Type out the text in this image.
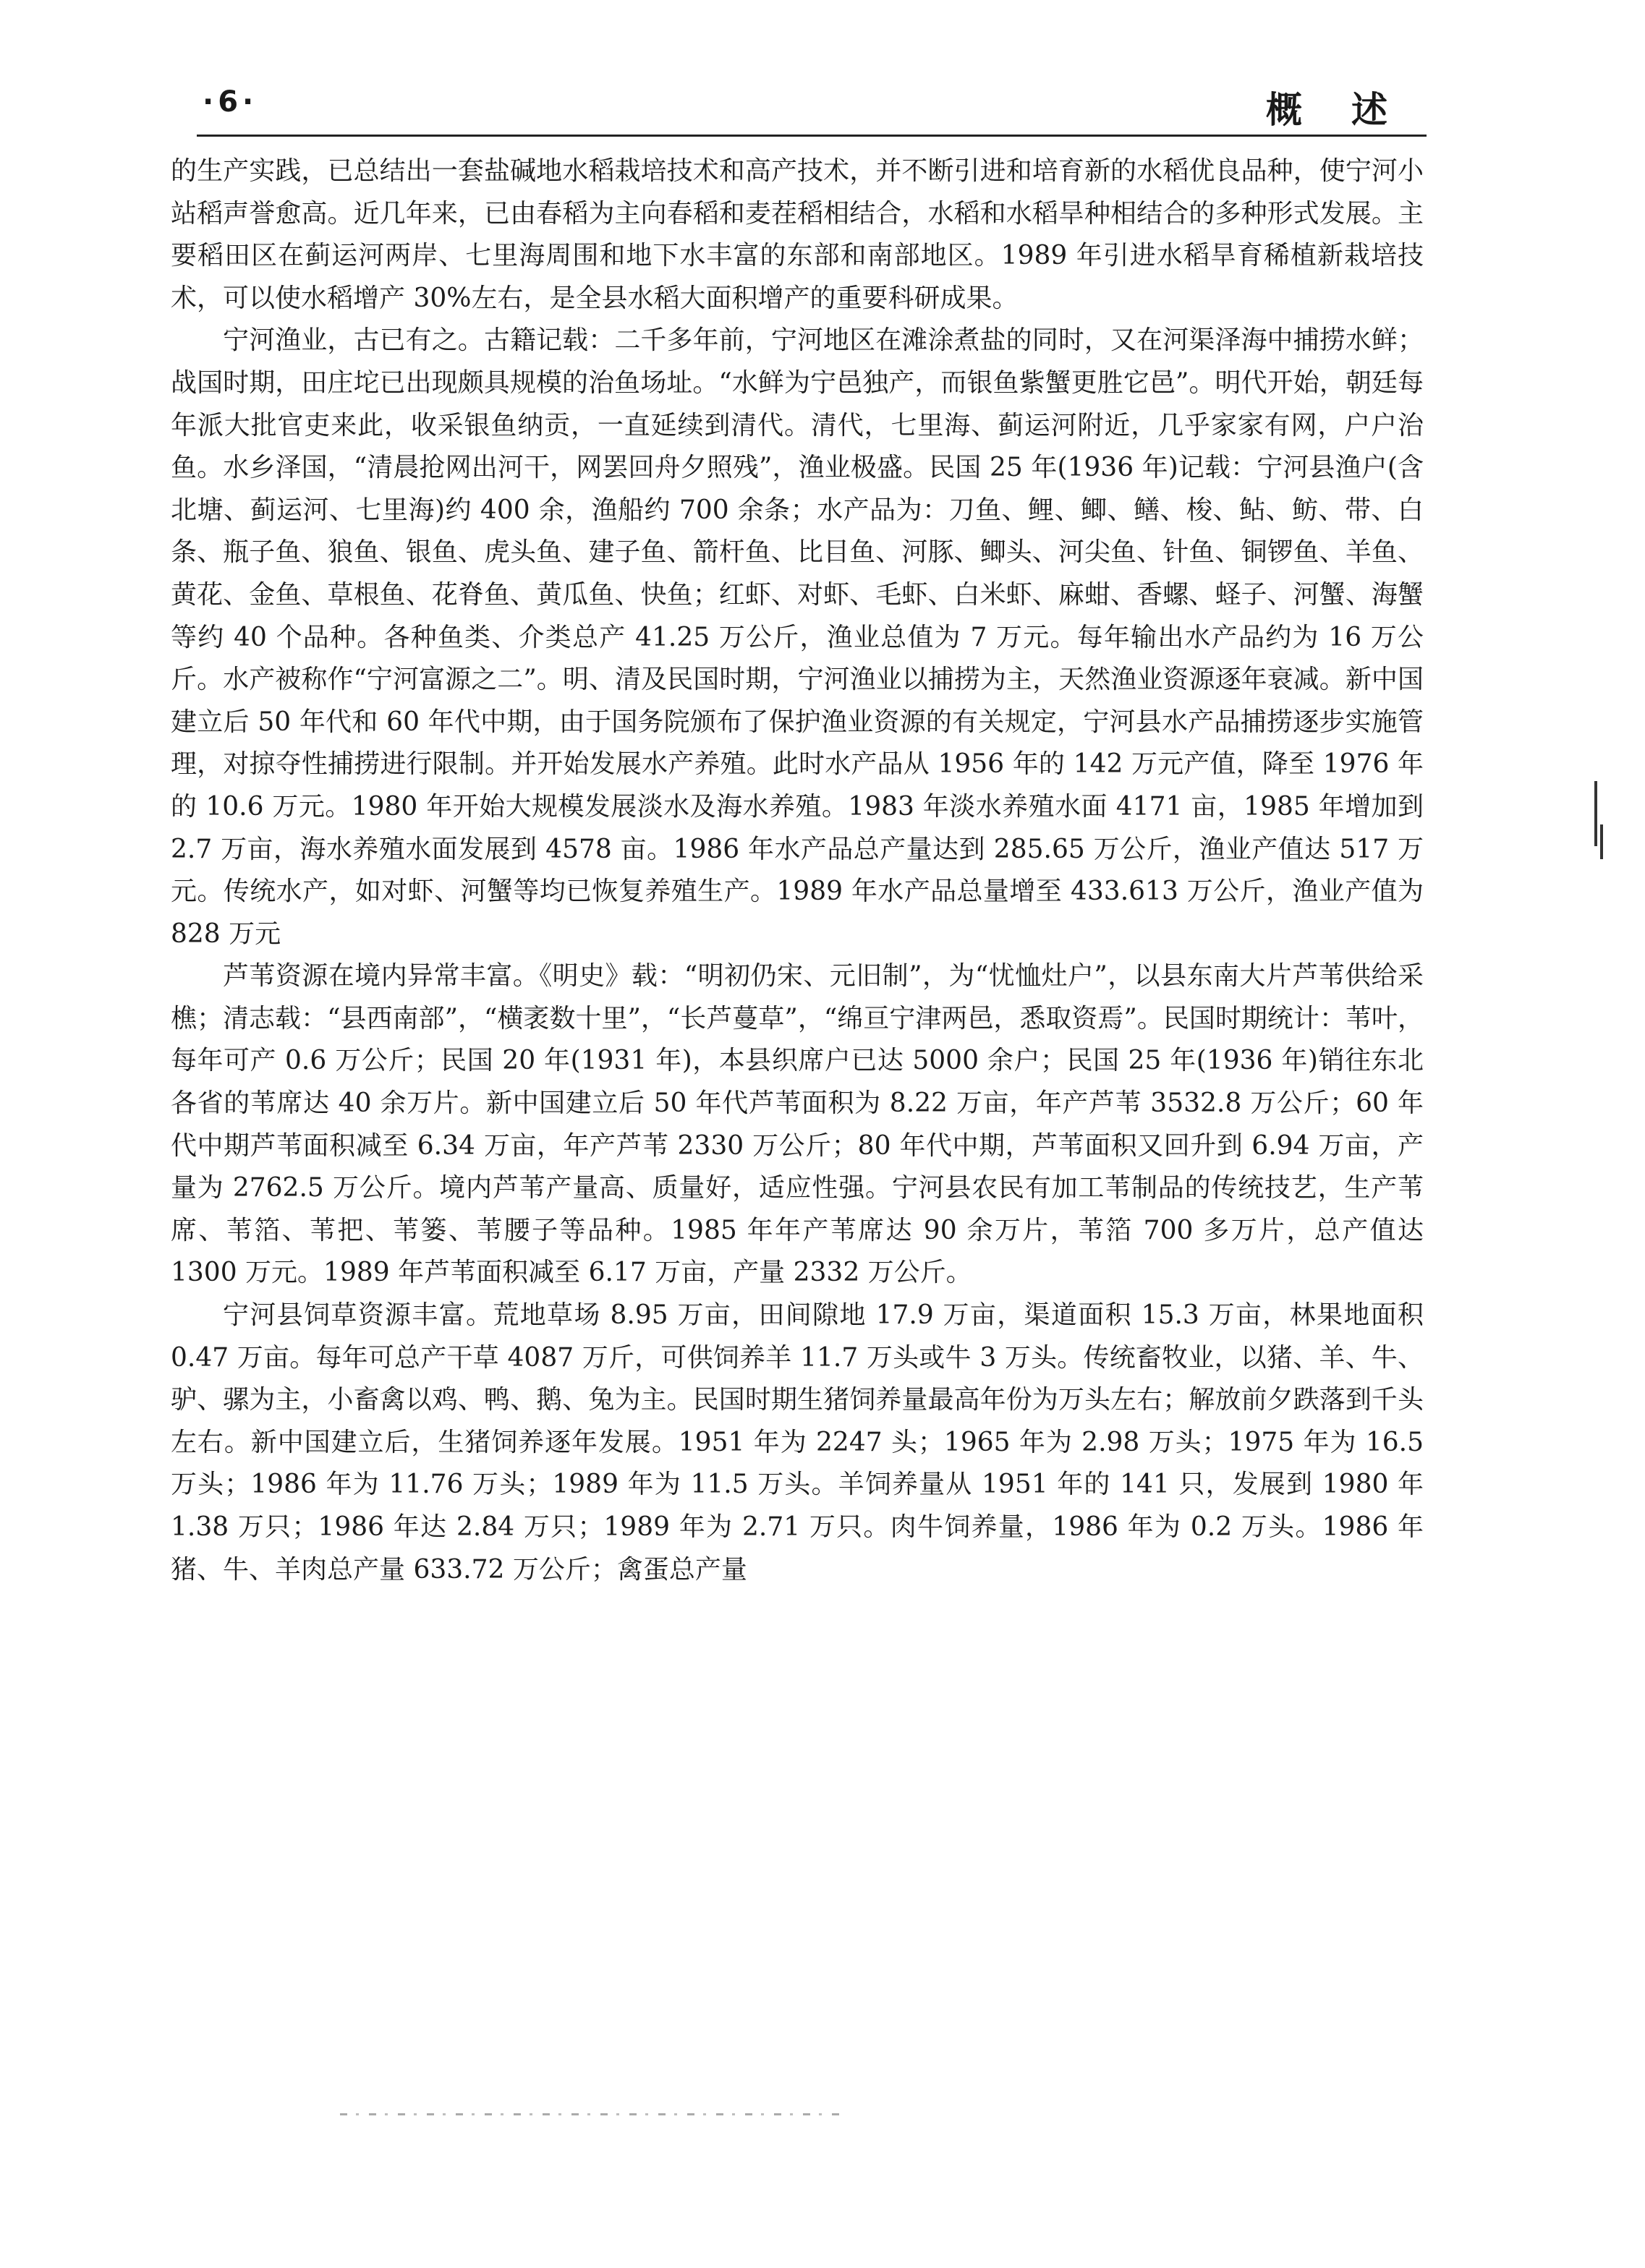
·6·	概述

的生产实践，已总结出一套盐碱地水稻栽培技术和高产技术，并不断引进和培育新的水稻优良品种，使宁河小站稻声誉愈高。近几年来，已由春稻为主向春稻和麦茬稻相结合，水稻和水稻旱种相结合的多种形式发展。主要稻田区在蓟运河两岸、七里海周围和地下水丰富的东部和南部地区。1989 年引进水稻旱育稀植新栽培技术，可以使水稻增产 30%左右，是全县水稻大面积增产的重要科研成果。

宁河渔业，古已有之。古籍记载：二千多年前，宁河地区在滩涂煮盐的同时，又在河渠泽海中捕捞水鲜；战国时期，田庄坨已出现颇具规模的治鱼场址。“水鲜为宁邑独产，而银鱼紫蟹更胜它邑”。明代开始，朝廷每年派大批官吏来此，收采银鱼纳贡，一直延续到清代。清代，七里海、蓟运河附近，几乎家家有网，户户治鱼。水乡泽国，“清晨抢网出河干，网罢回舟夕照残”，渔业极盛。民国 25 年(1936 年)记载：宁河县渔户(含北塘、蓟运河、七里海)约 400 余，渔船约 700 余条；水产品为：刀鱼、鲤、鲫、鳝、梭、鲇、鲂、带、白条、瓶子鱼、狼鱼、银鱼、虎头鱼、建子鱼、箭杆鱼、比目鱼、河豚、鲫头、河尖鱼、针鱼、铜锣鱼、羊鱼、黄花、金鱼、草根鱼、花脊鱼、黄瓜鱼、快鱼；红虾、对虾、毛虾、白米虾、麻蚶、香螺、蛏子、河蟹、海蟹等约 40 个品种。各种鱼类、介类总产 41.25 万公斤，渔业总值为 7 万元。每年输出水产品约为 16 万公斤。水产被称作“宁河富源之二”。明、清及民国时期，宁河渔业以捕捞为主，天然渔业资源逐年衰减。新中国建立后 50 年代和 60 年代中期，由于国务院颁布了保护渔业资源的有关规定，宁河县水产品捕捞逐步实施管理，对掠夺性捕捞进行限制。并开始发展水产养殖。此时水产品从 1956 年的 142 万元产值，降至 1976 年的 10.6 万元。1980 年开始大规模发展淡水及海水养殖。1983 年淡水养殖水面 4171 亩，1985 年增加到 2.7 万亩，海水养殖水面发展到 4578 亩。1986 年水产品总产量达到 285.65 万公斤，渔业产值达 517 万元。传统水产，如对虾、河蟹等均已恢复养殖生产。1989 年水产品总量增至 433.613 万公斤，渔业产值为 828 万元

芦苇资源在境内异常丰富。《明史》载：“明初仍宋、元旧制”，为“忧恤灶户”，以县东南大片芦苇供给采樵；清志载：“县西南部”，“横袤数十里”，“长芦蔓草”，“绵亘宁津两邑，悉取资焉”。民国时期统计：苇叶，每年可产 0.6 万公斤；民国 20 年(1931 年)，本县织席户已达 5000 余户；民国 25 年(1936 年)销往东北各省的苇席达 40 余万片。新中国建立后 50 年代芦苇面积为 8.22 万亩，年产芦苇 3532.8 万公斤；60 年代中期芦苇面积减至 6.34 万亩，年产芦苇 2330 万公斤；80 年代中期，芦苇面积又回升到 6.94 万亩，产量为 2762.5 万公斤。境内芦苇产量高、质量好，适应性强。宁河县农民有加工苇制品的传统技艺，生产苇席、苇箔、苇把、苇篓、苇腰子等品种。1985 年年产苇席达 90 余万片，苇箔 700 多万片，总产值达 1300 万元。1989 年芦苇面积减至 6.17 万亩，产量 2332 万公斤。

宁河县饲草资源丰富。荒地草场 8.95 万亩，田间隙地 17.9 万亩，渠道面积 15.3 万亩，林果地面积 0.47 万亩。每年可总产干草 4087 万斤，可供饲养羊 11.7 万头或牛 3 万头。传统畜牧业，以猪、羊、牛、驴、骡为主，小畜禽以鸡、鸭、鹅、兔为主。民国时期生猪饲养量最高年份为万头左右；解放前夕跌落到千头左右。新中国建立后，生猪饲养逐年发展。1951 年为 2247 头；1965 年为 2.98 万头；1975 年为 16.5 万头；1986 年为 11.76 万头；1989 年为 11.5 万头。羊饲养量从 1951 年的 141 只，发展到 1980 年 1.38 万只；1986 年达 2.84 万只；1989 年为 2.71 万只。肉牛饲养量，1986 年为 0.2 万头。1986 年猪、牛、羊肉总产量 633.72 万公斤；禽蛋总产量
